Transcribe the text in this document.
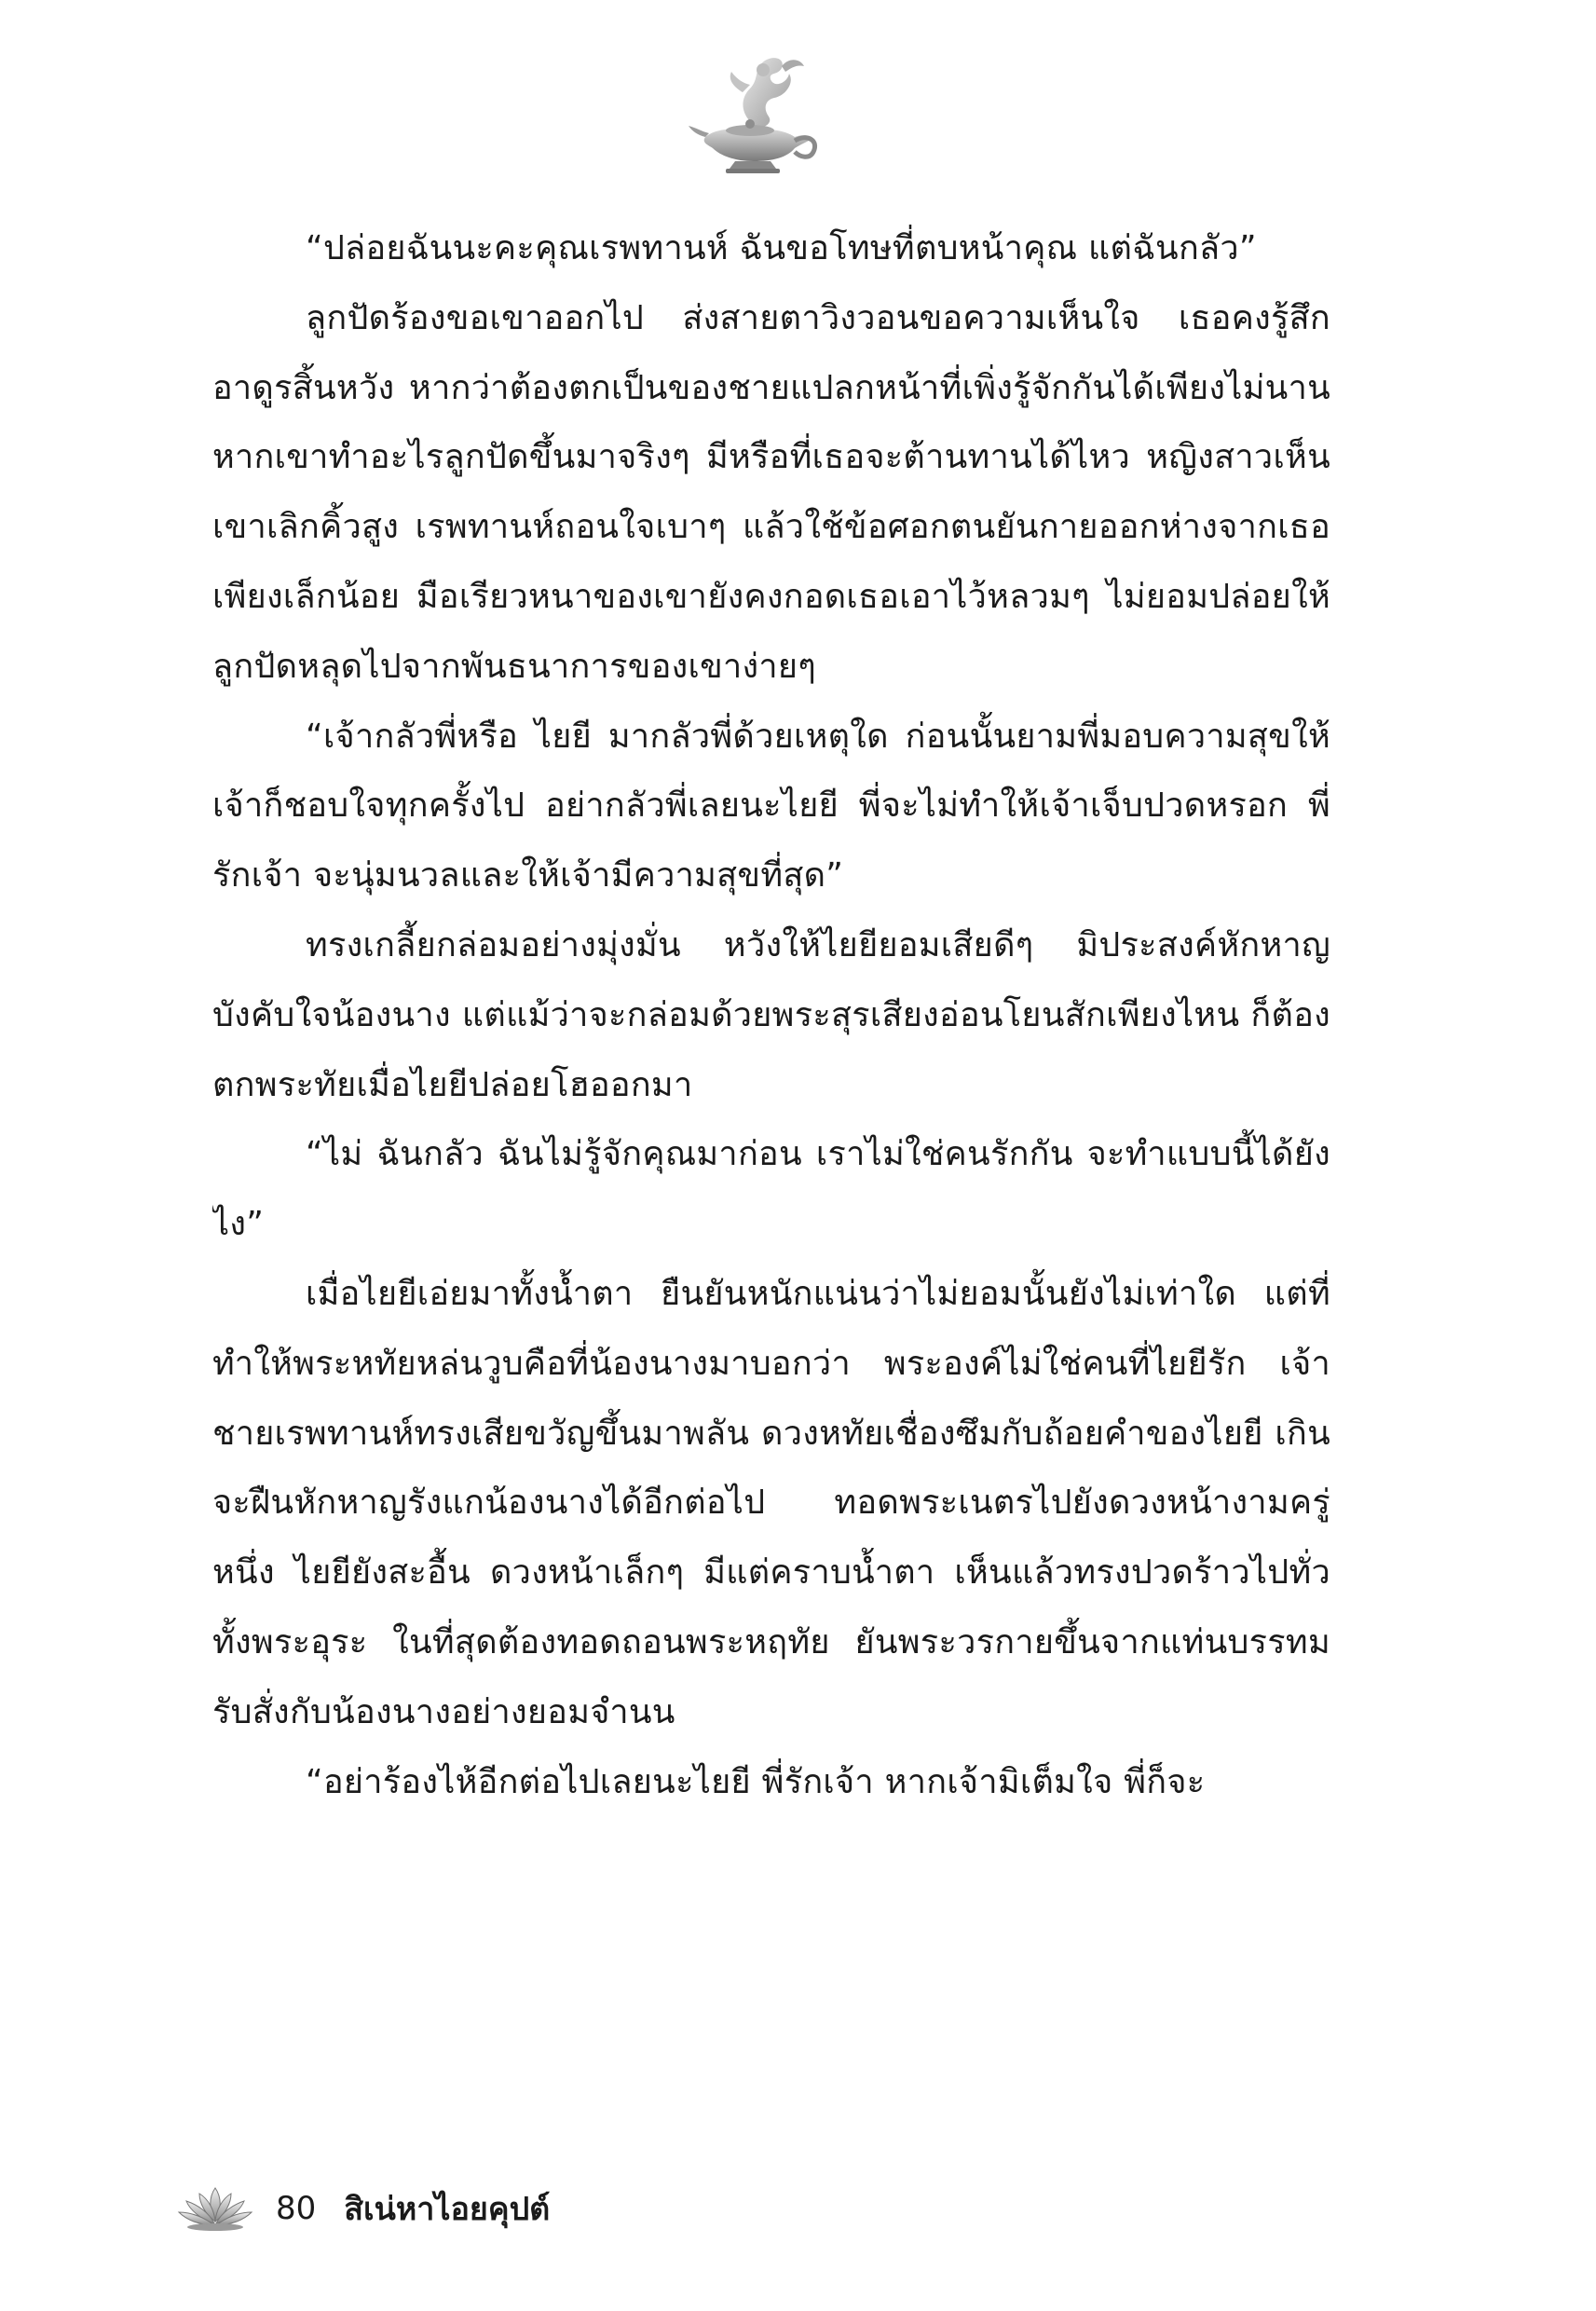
“ปล่อยฉันนะคะคุณเรพทานห์ ฉันขอโทษที่ตบหน้าคุณ แต่ฉันกลัว”

ลูกปัดร้องขอเขาออกไป ส่งสายตาวิงวอนขอความเห็นใจ เธอคงรู้สึกอาดูรสิ้นหวัง หากว่าต้องตกเป็นของชายแปลกหน้าที่เพิ่งรู้จักกันได้เพียงไม่นาน หากเขาทำอะไรลูกปัดขึ้นมาจริงๆ มีหรือที่เธอจะต้านทานได้ไหว หญิงสาวเห็นเขาเลิกคิ้วสูง เรพทานห์ถอนใจเบาๆ แล้วใช้ข้อศอกตนยันกายออกห่างจากเธอเพียงเล็กน้อย มือเรียวหนาของเขายังคงกอดเธอเอาไว้หลวมๆ ไม่ยอมปล่อยให้ลูกปัดหลุดไปจากพันธนาการของเขาง่ายๆ

“เจ้ากลัวพี่หรือ ไยยี มากลัวพี่ด้วยเหตุใด ก่อนนั้นยามพี่มอบความสุขให้เจ้าก็ชอบใจทุกครั้งไป อย่ากลัวพี่เลยนะไยยี พี่จะไม่ทำให้เจ้าเจ็บปวดหรอก พี่รักเจ้า จะนุ่มนวลและให้เจ้ามีความสุขที่สุด”

ทรงเกลี้ยกล่อมอย่างมุ่งมั่น หวังให้ไยยียอมเสียดีๆ มิประสงค์หักหาญบังคับใจน้องนาง แต่แม้ว่าจะกล่อมด้วยพระสุรเสียงอ่อนโยนสักเพียงไหน ก็ต้องตกพระทัยเมื่อไยยีปล่อยโฮออกมา

“ไม่ ฉันกลัว ฉันไม่รู้จักคุณมาก่อน เราไม่ใช่คนรักกัน จะทำแบบนี้ได้ยังไง”

เมื่อไยยีเอ่ยมาทั้งน้ำตา ยืนยันหนักแน่นว่าไม่ยอมนั้นยังไม่เท่าใด แต่ที่ทำให้พระหทัยหล่นวูบคือที่น้องนางมาบอกว่า พระองค์ไม่ใช่คนที่ไยยีรัก เจ้าชายเรพทานห์ทรงเสียขวัญขึ้นมาพลัน ดวงหทัยเชื่องซึมกับถ้อยคำของไยยี เกินจะฝืนหักหาญรังแกน้องนางได้อีกต่อไป ทอดพระเนตรไปยังดวงหน้างามครู่หนึ่ง ไยยียังสะอื้น ดวงหน้าเล็กๆ มีแต่คราบน้ำตา เห็นแล้วทรงปวดร้าวไปทั่วทั้งพระอุระ ในที่สุดต้องทอดถอนพระหฤทัย ยันพระวรกายขึ้นจากแท่นบรรทม รับสั่งกับน้องนางอย่างยอมจำนน

“อย่าร้องไห้อีกต่อไปเลยนะไยยี พี่รักเจ้า หากเจ้ามิเต็มใจ พี่ก็จะ

80 สิเน่หาไอยคุปต์
